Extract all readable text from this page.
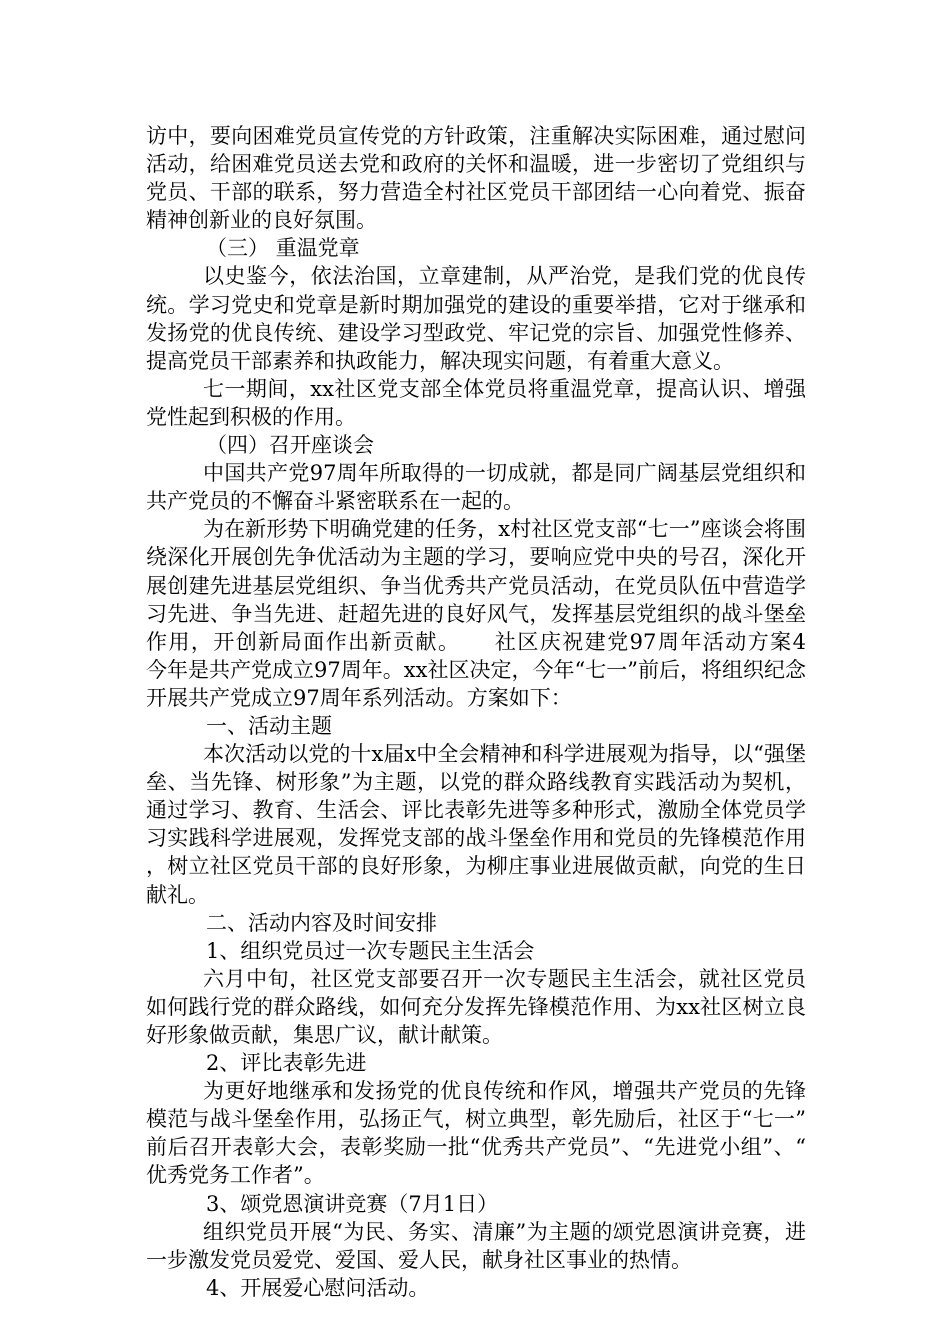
访中，要向困难党员宣传党的方针政策，注重解决实际困难，通过慰问活动，给困难党员送去党和政府的关怀和温暖，进一步密切了党组织与党员、干部的联系，努力营造全村社区党员干部团结一心向着党、振奋精神创新业的良好氛围。

（三） 重温党章

以史鉴今，依法治国，立章建制，从严治党，是我们党的优良传统。学习党史和党章是新时期加强党的建设的重要举措，它对于继承和发扬党的优良传统、建设学习型政党、牢记党的宗旨、加强党性修养、提高党员干部素养和执政能力，解决现实问题，有着重大意义。

七一期间，xx社区党支部全体党员将重温党章，提高认识、增强党性起到积极的作用。

（四）召开座谈会

中国共产党97周年所取得的一切成就，都是同广阔基层党组织和共产党员的不懈奋斗紧密联系在一起的。

为在新形势下明确党建的任务，x村社区党支部“七一”座谈会将围绕深化开展创先争优活动为主题的学习，要响应党中央的号召，深化开展创建先进基层党组织、争当优秀共产党员活动，在党员队伍中营造学习先进、争当先进、赶超先进的良好风气，发挥基层党组织的战斗堡垒作用，开创新局面作出新贡献。　　社区庆祝建党97周年活动方案4　　今年是共产党成立97周年。xx社区决定，今年“七一”前后，将组织纪念开展共产党成立97周年系列活动。方案如下：

一、活动主题

本次活动以党的十x届x中全会精神和科学进展观为指导，以“强堡垒、当先锋、树形象”为主题，以党的群众路线教育实践活动为契机，通过学习、教育、生活会、评比表彰先进等多种形式，激励全体党员学习实践科学进展观，发挥党支部的战斗堡垒作用和党员的先锋模范作用，树立社区党员干部的良好形象，为柳庄事业进展做贡献，向党的生日献礼。

二、活动内容及时间安排

1、组织党员过一次专题民主生活会

六月中旬，社区党支部要召开一次专题民主生活会，就社区党员如何践行党的群众路线，如何充分发挥先锋模范作用、为xx社区树立良好形象做贡献，集思广议，献计献策。

2、评比表彰先进

为更好地继承和发扬党的优良传统和作风，增强共产党员的先锋模范与战斗堡垒作用，弘扬正气，树立典型，彰先励后，社区于“七一”前后召开表彰大会，表彰奖励一批“优秀共产党员”、“先进党小组”、“优秀党务工作者”。

3、颂党恩演讲竞赛（7月1日）

组织党员开展“为民、务实、清廉”为主题的颂党恩演讲竞赛，进一步激发党员爱党、爱国、爱人民，献身社区事业的热情。

4、开展爱心慰问活动。
